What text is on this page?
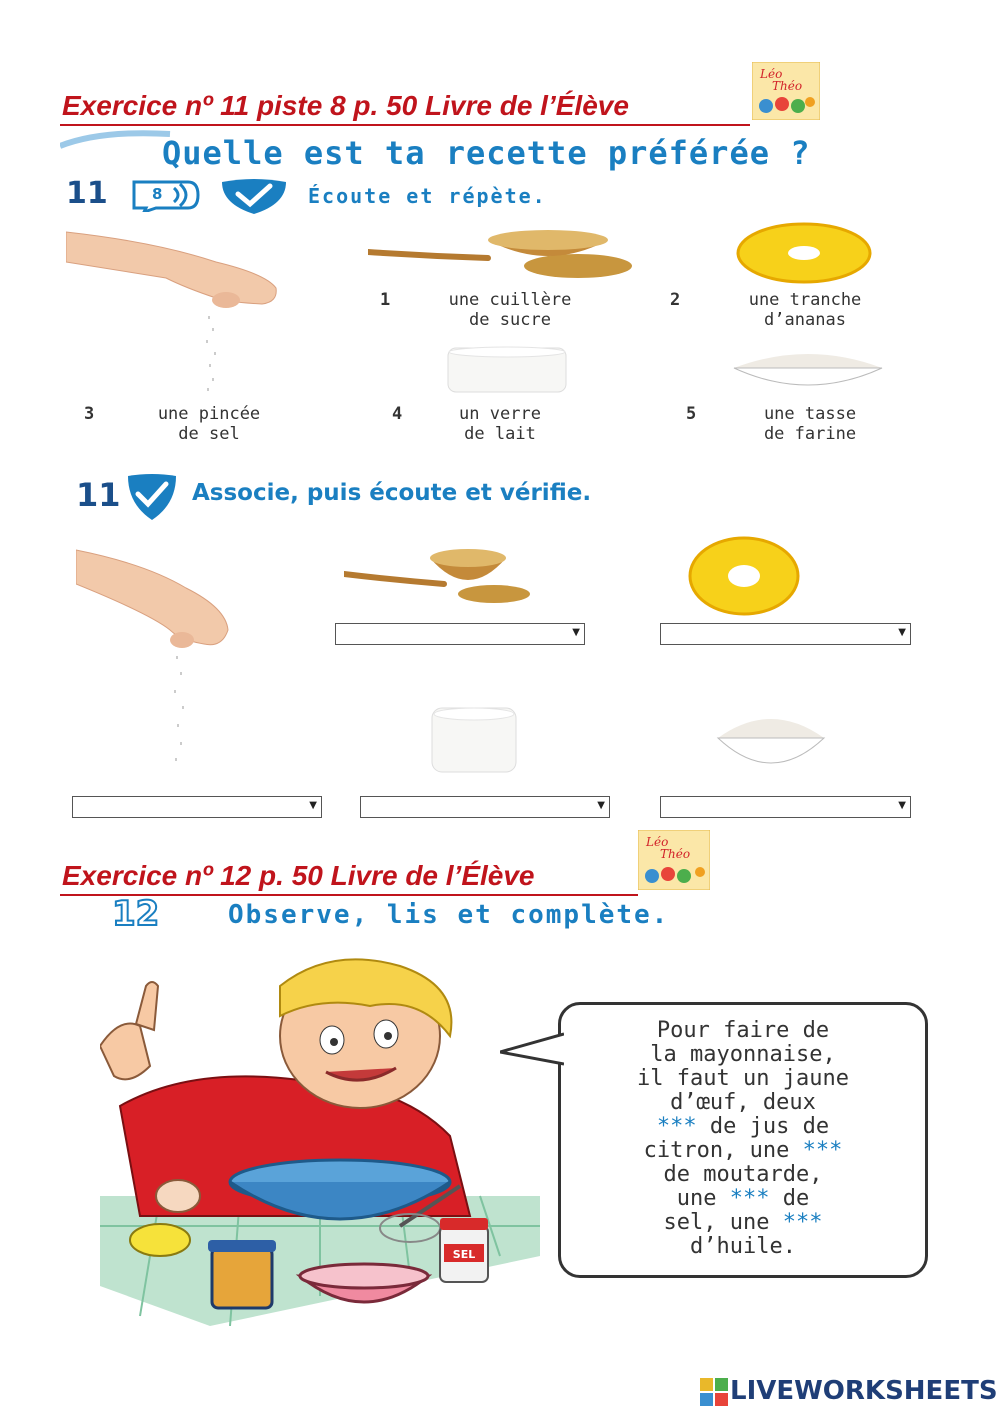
Exercice nº 11 piste 8 p. 50 Livre de l’Élève
Léo
Théo
Quelle est ta recette préférée ?
11	8	Écoute et répète.
1	une cuillère
de sucre
2	une tranche
d’ananas
3	une pincée
de sel
4	un verre
de lait
5	une tasse
de farine
11	Associe, puis écoute et vérifie.
▼	▼
▼	▼	▼
Exercice nº 12 p. 50 Livre de l’Élève
Léo
Théo
12	Observe, lis et complète.
SEL
Pour faire de
la mayonnaise,
il faut un jaune
d’œuf, deux
*** de jus de
citron, une ***
de moutarde,
une *** de
sel, une ***
d’huile.
LIVEWORKSHEETS
